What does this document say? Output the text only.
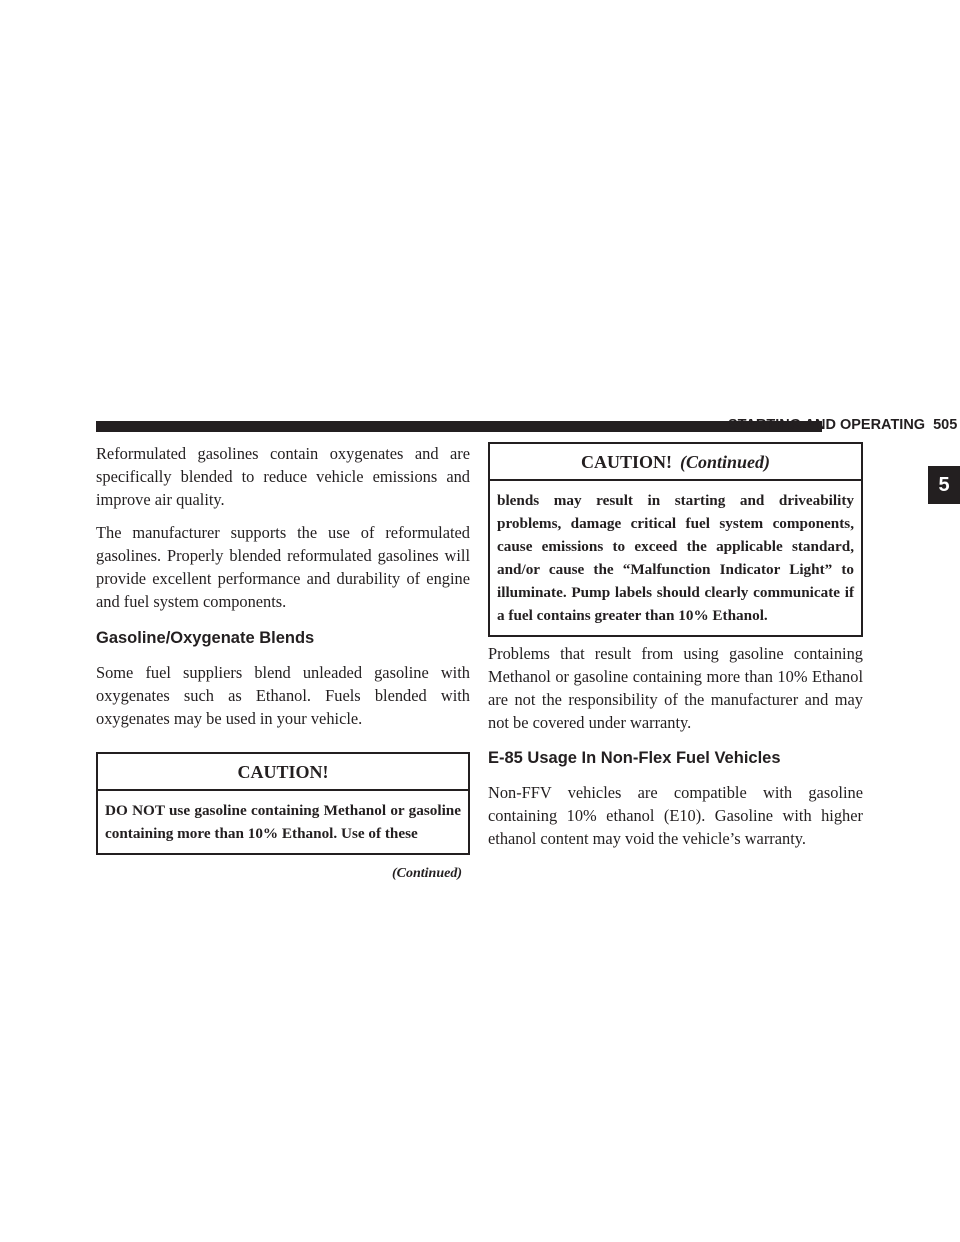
STARTING AND OPERATING 505
5

Reformulated gasolines contain oxygenates and are specifically blended to reduce vehicle emissions and improve air quality.

The manufacturer supports the use of reformulated gasolines. Properly blended reformulated gasolines will provide excellent performance and durability of engine and fuel system components.

Gasoline/Oxygenate Blends

Some fuel suppliers blend unleaded gasoline with oxygenates such as Ethanol. Fuels blended with oxygenates may be used in your vehicle.

CAUTION!
DO NOT use gasoline containing Methanol or gasoline containing more than 10% Ethanol. Use of these
(Continued)
CAUTION! (Continued)
blends may result in starting and driveability problems, damage critical fuel system components, cause emissions to exceed the applicable standard, and/or cause the “Malfunction Indicator Light” to illuminate. Pump labels should clearly communicate if a fuel contains greater than 10% Ethanol.

Problems that result from using gasoline containing Methanol or gasoline containing more than 10% Ethanol are not the responsibility of the manufacturer and may not be covered under warranty.

E-85 Usage In Non-Flex Fuel Vehicles

Non-FFV vehicles are compatible with gasoline containing 10% ethanol (E10). Gasoline with higher ethanol content may void the vehicle’s warranty.
